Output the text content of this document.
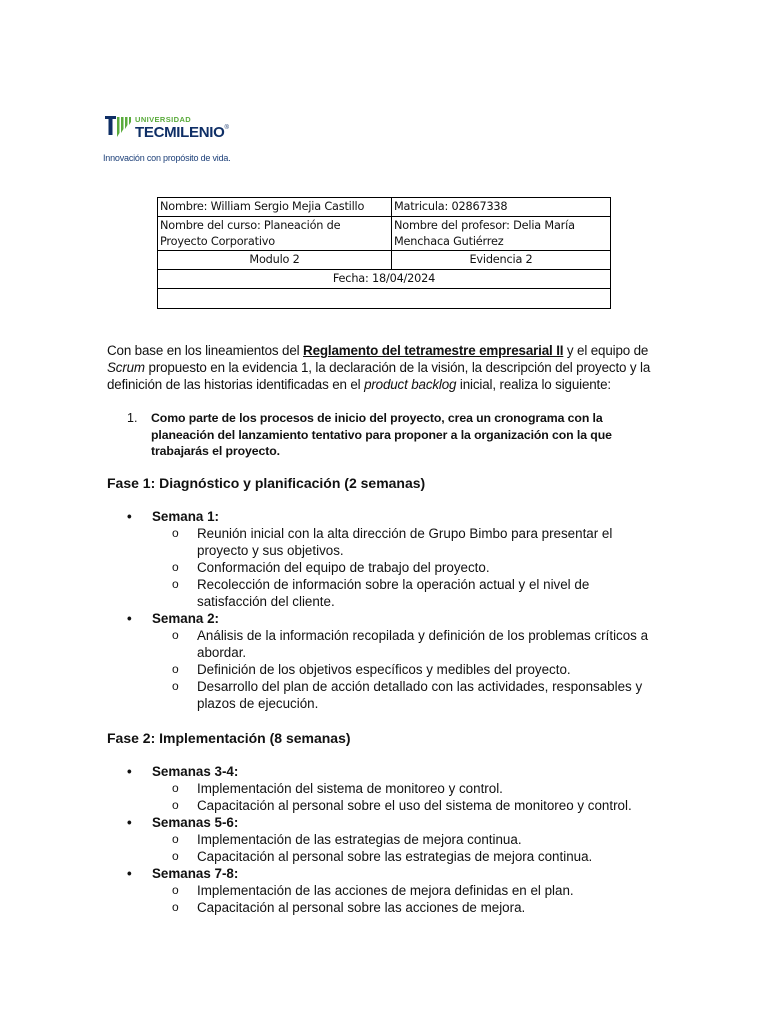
UNIVERSIDAD
TECMILENIO®
Innovación con propósito de vida.
Nombre: William Sergio Mejia Castillo	Matricula: 02867338
Nombre del curso: Planeación de Proyecto Corporativo	Nombre del profesor: Delia María Menchaca Gutiérrez
Modulo 2	Evidencia 2
Fecha: 18/04/2024	

Con base en los lineamientos del Reglamento del tetramestre empresarial II y el equipo de Scrum propuesto en la evidencia 1, la declaración de la visión, la descripción del proyecto y la definición de las historias identificadas en el product backlog inicial, realiza lo siguiente:

1.	Como parte de los procesos de inicio del proyecto, crea un cronograma con la planeación del lanzamiento tentativo para proponer a la organización con la que trabajarás el proyecto.
Fase 1: Diagnóstico y planificación (2 semanas)
• Semana 1:
o Reunión inicial con la alta dirección de Grupo Bimbo para presentar el proyecto y sus objetivos.
o Conformación del equipo de trabajo del proyecto.
o Recolección de información sobre la operación actual y el nivel de satisfacción del cliente.
• Semana 2:
o Análisis de la información recopilada y definición de los problemas críticos a abordar.
o Definición de los objetivos específicos y medibles del proyecto.
o Desarrollo del plan de acción detallado con las actividades, responsables y plazos de ejecución.
Fase 2: Implementación (8 semanas)
• Semanas 3-4:
o Implementación del sistema de monitoreo y control.
o Capacitación al personal sobre el uso del sistema de monitoreo y control.
• Semanas 5-6:
o Implementación de las estrategias de mejora continua.
o Capacitación al personal sobre las estrategias de mejora continua.
• Semanas 7-8:
o Implementación de las acciones de mejora definidas en el plan.
o Capacitación al personal sobre las acciones de mejora.
